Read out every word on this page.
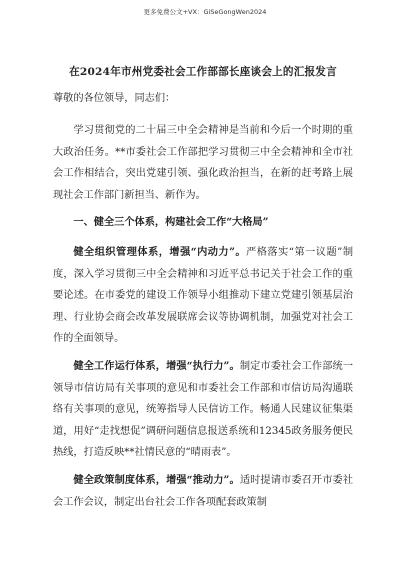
更多免费公文+VX：GiSeGongWen2024
在2024年市州党委社会工作部部长座谈会上的汇报发言
尊敬的各位领导，同志们：

学习贯彻党的二十届三中全会精神是当前和今后一个时期的重大政治任务。**市委社会工作部把学习贯彻三中全会精神和全市社会工作相结合，突出党建引领、强化政治担当，在新的赶考路上展现社会工作部门新担当、新作为。

一、健全三个体系，构建社会工作“大格局”

健全组织管理体系，增强“内动力”。严格落实“第一议题”制度，深入学习贯彻三中全会精神和习近平总书记关于社会工作的重要论述。在市委党的建设工作领导小组推动下建立党建引领基层治理、行业协会商会改革发展联席会议等协调机制，加强党对社会工作的全面领导。

健全工作运行体系，增强“执行力”。制定市委社会工作部统一领导市信访局有关事项的意见和市委社会工作部和市信访局沟通联络有关事项的意见，统筹指导人民信访工作。畅通人民建议征集渠道，用好“走找想促”调研问题信息报送系统和12345政务服务便民热线，打造反映**社情民意的“晴雨表”。

健全政策制度体系，增强“推动力”。适时提请市委召开市委社会工作会议，制定出台社会工作各项配套政策制
